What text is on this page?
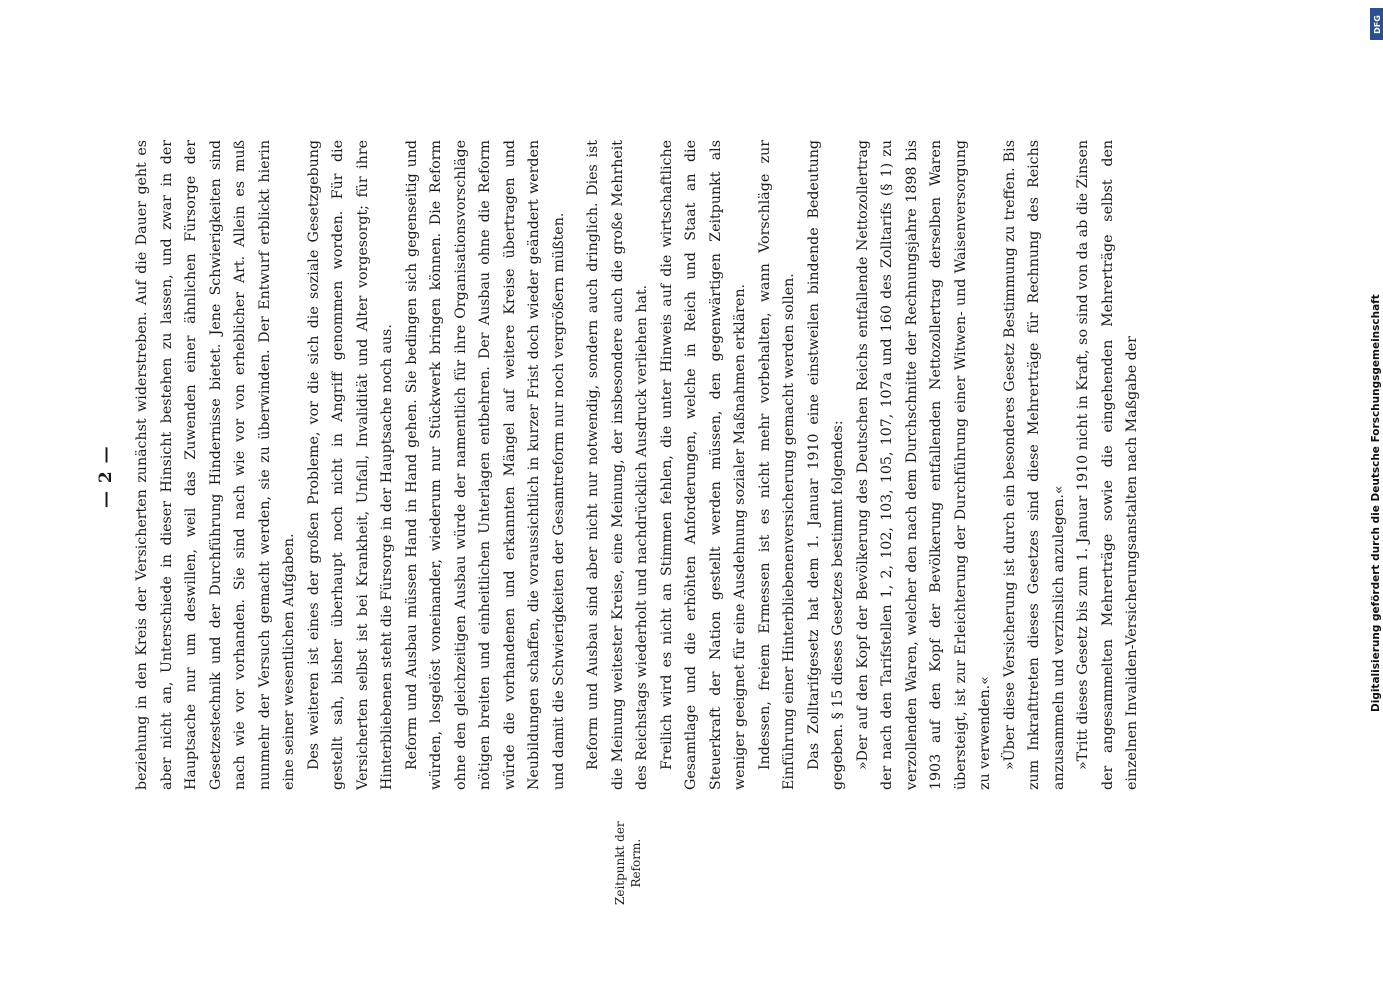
— 2 —
Zeitpunkt der Reform.

beziehung in den Kreis der Versicherten zunächst widerstreben. Auf die Dauer geht es aber nicht an, Unterschiede in dieser Hinsicht bestehen zu lassen, und zwar in der Hauptsache nur um deswillen, weil das Zuwenden einer ähnlichen Fürsorge der Gesetzestechnik und der Durchführung Hindernisse bietet. Jene Schwierigkeiten sind nach wie vor vorhanden. Sie sind nach wie vor von erheblicher Art. Allein es muß nunmehr der Versuch gemacht werden, sie zu überwinden. Der Entwurf erblickt hierin eine seiner wesentlichen Aufgaben. Des weiteren ist eines der großen Probleme, vor die sich die soziale Gesetzgebung gestellt sah, bisher überhaupt noch nicht in Angriff genommen worden. Für die Versicherten selbst ist bei Krankheit, Unfall, Invalidität und Alter vorgesorgt; für ihre Hinterbliebenen steht die Fürsorge in der Hauptsache noch aus. Reform und Ausbau müssen Hand in Hand gehen. Sie bedingen sich gegenseitig und würden, losgelöst voneinander, wiederum nur Stückwerk bringen können. Die Reform ohne den gleichzeitigen Ausbau würde der namentlich für ihre Organisationsvorschläge nötigen breiten und einheitlichen Unterlagen entbehren. Der Ausbau ohne die Reform würde die vorhandenen und erkannten Mängel auf weitere Kreise übertragen und Neubildungen schaffen, die voraussichtlich in kurzer Frist doch wieder geändert werden und damit die Schwierigkeiten der Gesamtreform nur noch vergrößern müßten.	Reform und Ausbau sind aber nicht nur notwendig, sondern auch dringlich. Dies ist die Meinung weitester Kreise, eine Meinung, der insbesondere auch die große Mehrheit des Reichstags wiederholt und nachdrücklich Ausdruck verliehen hat. Freilich wird es nicht an Stimmen fehlen, die unter Hinweis auf die wirtschaftliche Gesamtlage und die erhöhten Anforderungen, welche in Reich und Staat an die Steuerkraft der Nation gestellt werden müssen, den gegenwärtigen Zeitpunkt als weniger geeignet für eine Ausdehnung sozialer Maßnahmen erklären. Indessen, freiem Ermessen ist es nicht mehr vorbehalten, wann Vorschläge zur Einführung einer Hinterbliebenenversicherung gemacht werden sollen. Das Zolltarifgesetz hat dem 1. Januar 1910 eine einstweilen bindende Bedeutung gegeben. § 15 dieses Gesetzes bestimmt folgendes: »Der auf den Kopf der Bevölkerung des Deutschen Reichs entfallende Nettozollertrag der nach den Tarifstellen 1, 2, 102, 103, 105, 107, 107a und 160 des Zolltarifs (§ 1) zu verzollenden Waren, welcher den nach dem Durchschnitte der Rechnungsjahre 1898 bis 1903 auf den Kopf der Bevölkerung entfallenden Nettozollertrag derselben Waren übersteigt, ist zur Erleichterung der Durchführung einer Witwen- und Waisenversorgung zu verwenden.« »Über diese Versicherung ist durch ein besonderes Gesetz Bestimmung zu treffen. Bis zum Inkrafttreten dieses Gesetzes sind diese Mehrerträge für Rechnung des Reichs anzusammeln und verzinslich anzulegen.« »Tritt dieses Gesetz bis zum 1. Januar 1910 nicht in Kraft, so sind von da ab die Zinsen der angesammelten Mehrerträge sowie die eingehenden Mehrerträge selbst den einzelnen Invaliden-Versicherungsanstalten nach Maßgabe der

DFG
Digitalisierung gefördert durch die Deutsche Forschungsgemeinschaft
